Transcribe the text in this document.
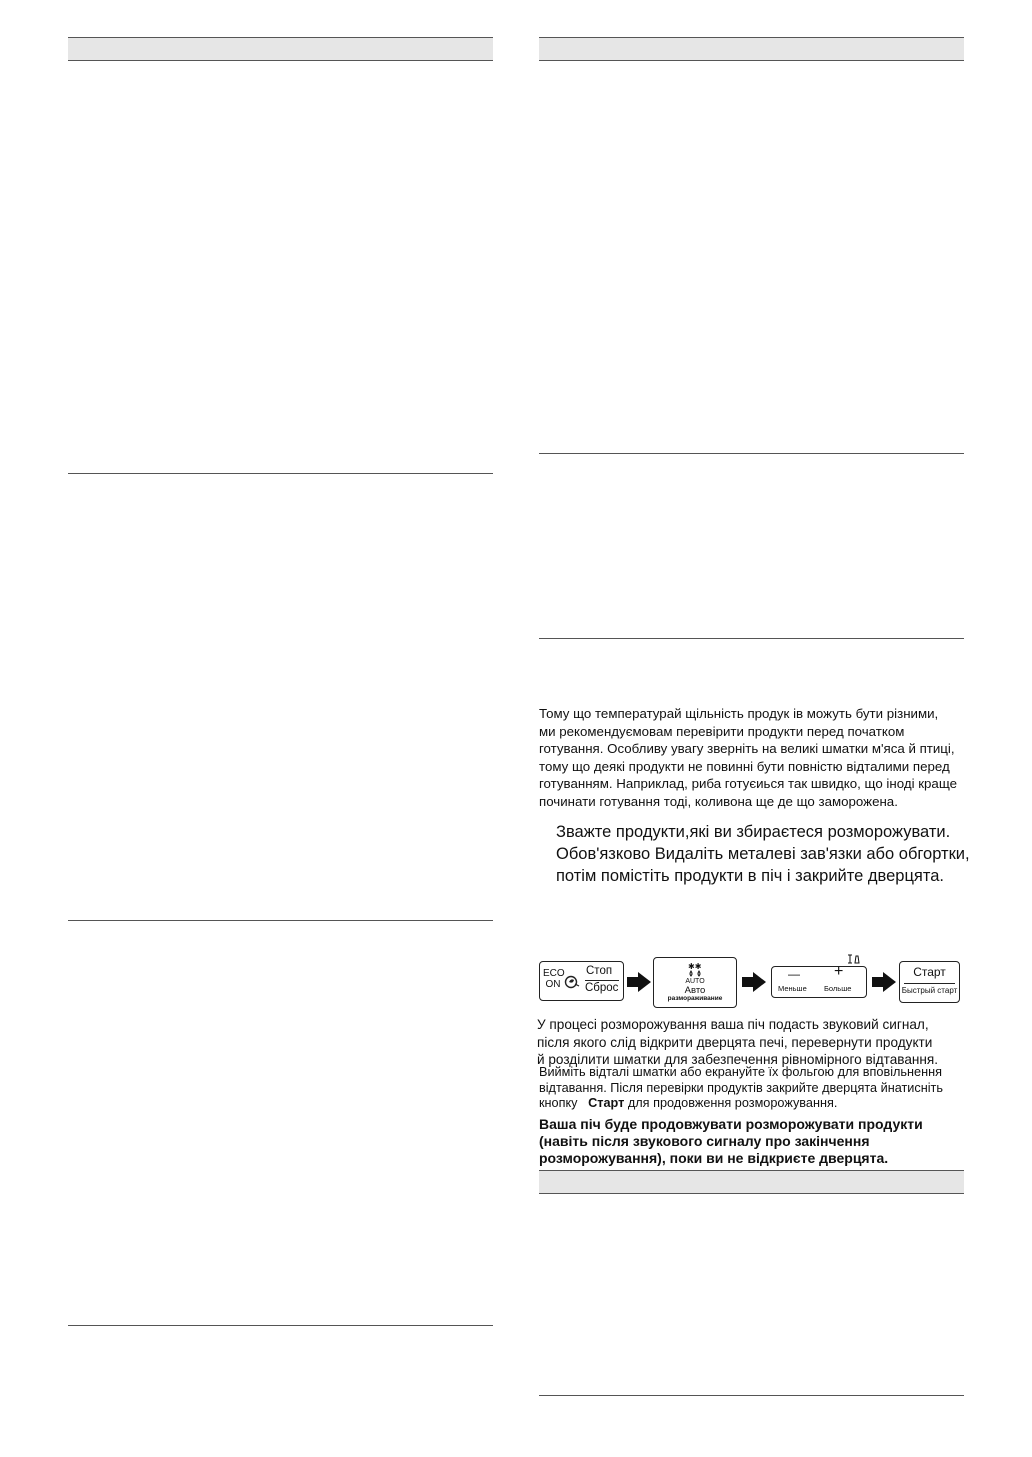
Тому що температурай щільність продук ів можуть бути різними,
ми рекомендуємовам перевірити продукти перед початком
готування. Особливу увагу зверніть на великі шматки м'яса й птиці,
тому що деякі продукти не повинні бути повністю відталими перед
готуванням. Наприклад, риба готуєиься так швидко, що іноді краще
починати готування тоді, коливона ще де що заморожена.
Зважте продукти,які ви збираєтеся розморожувати.
Обов'язково Видаліть металеві зав'язки або обгортки,
потім помістіть продукти в піч і закрийте дверцята.
ECO
ON
Стоп
Сброс
✱✱
AUTO
Авто
размораживание
— +
Меньше Больше
Старт
Быстрый старт
У процесі розморожування ваша піч подасть звуковий сигнал,
після якого слід відкрити дверцята печі, перевернути продукти
й розділити шматки для забезпечення рівномірного відтавання.
Вийміть відталі шматки або екрануйте їх фольгою для вповільнення
відтавання. Після перевірки продуктів закрийте дверцята йнатисніть
кнопку Старт для продовження розморожування.
Ваша піч буде продовжувати розморожувати продукти
(навіть після звукового сигналу про закінчення
розморожування), поки ви не відкриєте дверцята.
